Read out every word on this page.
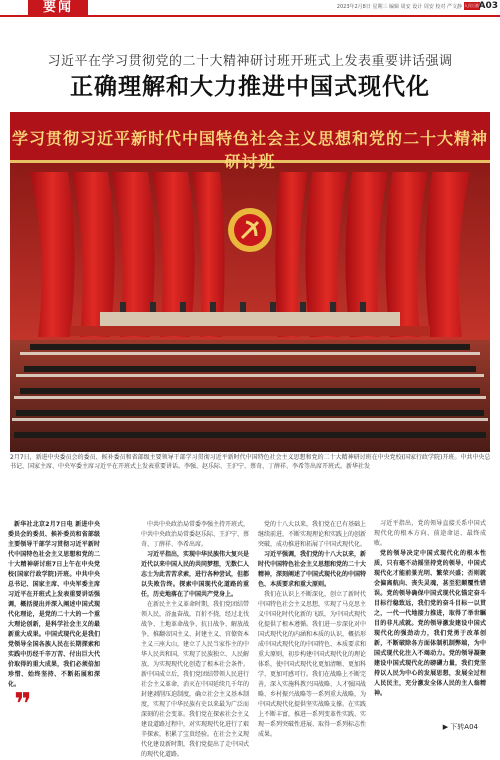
要闻	2023年2月8日 星期三 编辑 周安 设计 周安 校对 严文静 人民日报
A03
习近平在学习贯彻党的二十大精神研讨班开班式上发表重要讲话强调
正确理解和大力推进中国式现代化
学习贯彻习近平新时代中国特色社会主义思想和党的二十大精神研讨班
2月7日，新进中央委员会的委员、候补委员和省部级主要领导干部学习贯彻习近平新时代中国特色社会主义思想和党的二十大精神研讨班在中央党校(国家行政学院)开班。中共中央总书记、国家主席、中央军委主席习近平在开班式上发表重要讲话。李强、赵乐际、王沪宁、蔡奇、丁薛祥、李希等出席开班式。新华社发

新华社北京2月7日电 新进中央委员会的委员、候补委员和省部级主要领导干部学习贯彻习近平新时代中国特色社会主义思想和党的二十大精神研讨班7日上午在中央党校(国家行政学院)开班。中共中央总书记、国家主席、中央军委主席习近平在开班式上发表重要讲话强调，概括提出并深入阐述中国式现代化理论，是党的二十大的一个重大理论创新，是科学社会主义的最新重大成果。中国式现代化是我们党领导全国各族人民在长期探索和实践中历经千辛万苦、付出巨大代价取得的重大成果，我们必须倍加珍惜、始终坚持、不断拓展和深化。

中共中央政治局常委李强主持开班式，中共中央政治局常委赵乐际、王沪宁、蔡奇、丁薛祥、李希出席。

习近平指出，实现中华民族伟大复兴是近代以来中国人民的共同梦想，无数仁人志士为此苦苦求索，进行各种尝试，但都以失败告终。探索中国现代化道路的重任，历史地落在了中国共产党身上。

在新民主主义革命时期，我们党团结带领人民，浴血奋战，百折不挠，经过北伐战争、土地革命战争、抗日战争、解放战争，推翻帝国主义、封建主义、官僚资本主义三座大山，建立了人民当家作主的中华人民共和国，实现了民族独立、人民解放，为实现现代化创造了根本社会条件。新中国成立后，我们党团结带领人民进行社会主义革命，消灭在中国延续几千年的封建剥削压迫制度，确立社会主义基本制度，实现了中华民族有史以来最为广泛而深刻的社会变革。我们党在探索社会主义建设道路过程中，对实现现代化进行了艰辛探索，积累了宝贵经验。在社会主义现代化建设新时期，我们党提出了走中国式的现代化道路。

党的十八大以来，我们党在已有基础上继续前进，不断实现理论和实践上的创新突破，成功推进和拓展了中国式现代化。

习近平强调，我们党的十八大以来，新时代中国特色社会主义思想和党的二十大精神，深刻阐述了中国式现代化的中国特色、本质要求和重大原则。

我们在认识上不断深化，创立了新时代中国特色社会主义思想，实现了马克思主义中国化时代化新的飞跃，为中国式现代化提供了根本遵循。我们进一步深化对中国式现代化的内涵和本质的认识，概括形成中国式现代化的中国特色、本质要求和重大原则，初步构建中国式现代化的理论体系，使中国式现代化更加清晰、更加科学、更加可感可行。我们在战略上不断完善，深入实施科教兴国战略、人才强国战略、乡村振兴战略等一系列重大战略，为中国式现代化提供坚实战略支撑。在实践上不断丰富，推进一系列变革性实践、实现一系列突破性进展、取得一系列标志性成果。

习近平指出，党的领导直接关系中国式现代化的根本方向、前途命运、最终成败。

党的领导决定中国式现代化的根本性质，只有毫不动摇坚持党的领导，中国式现代化才能前景光明、繁荣兴盛；否则就会偏离航向、丧失灵魂，甚至犯颠覆性错误。党的领导确保中国式现代化锚定奋斗目标行稳致远，我们党的奋斗目标一以贯之，一代一代地接力推进，取得了举世瞩目的非凡成就。党的领导激发建设中国式现代化的强劲动力，我们党勇于改革创新，不断破除各方面体制机制弊端，为中国式现代化注入不竭动力。党的领导凝聚建设中国式现代化的磅礴力量，我们党坚持以人民为中心的发展思想，发展全过程人民民主，充分激发全体人民的主人翁精神。

❞
▶ 下转A04
